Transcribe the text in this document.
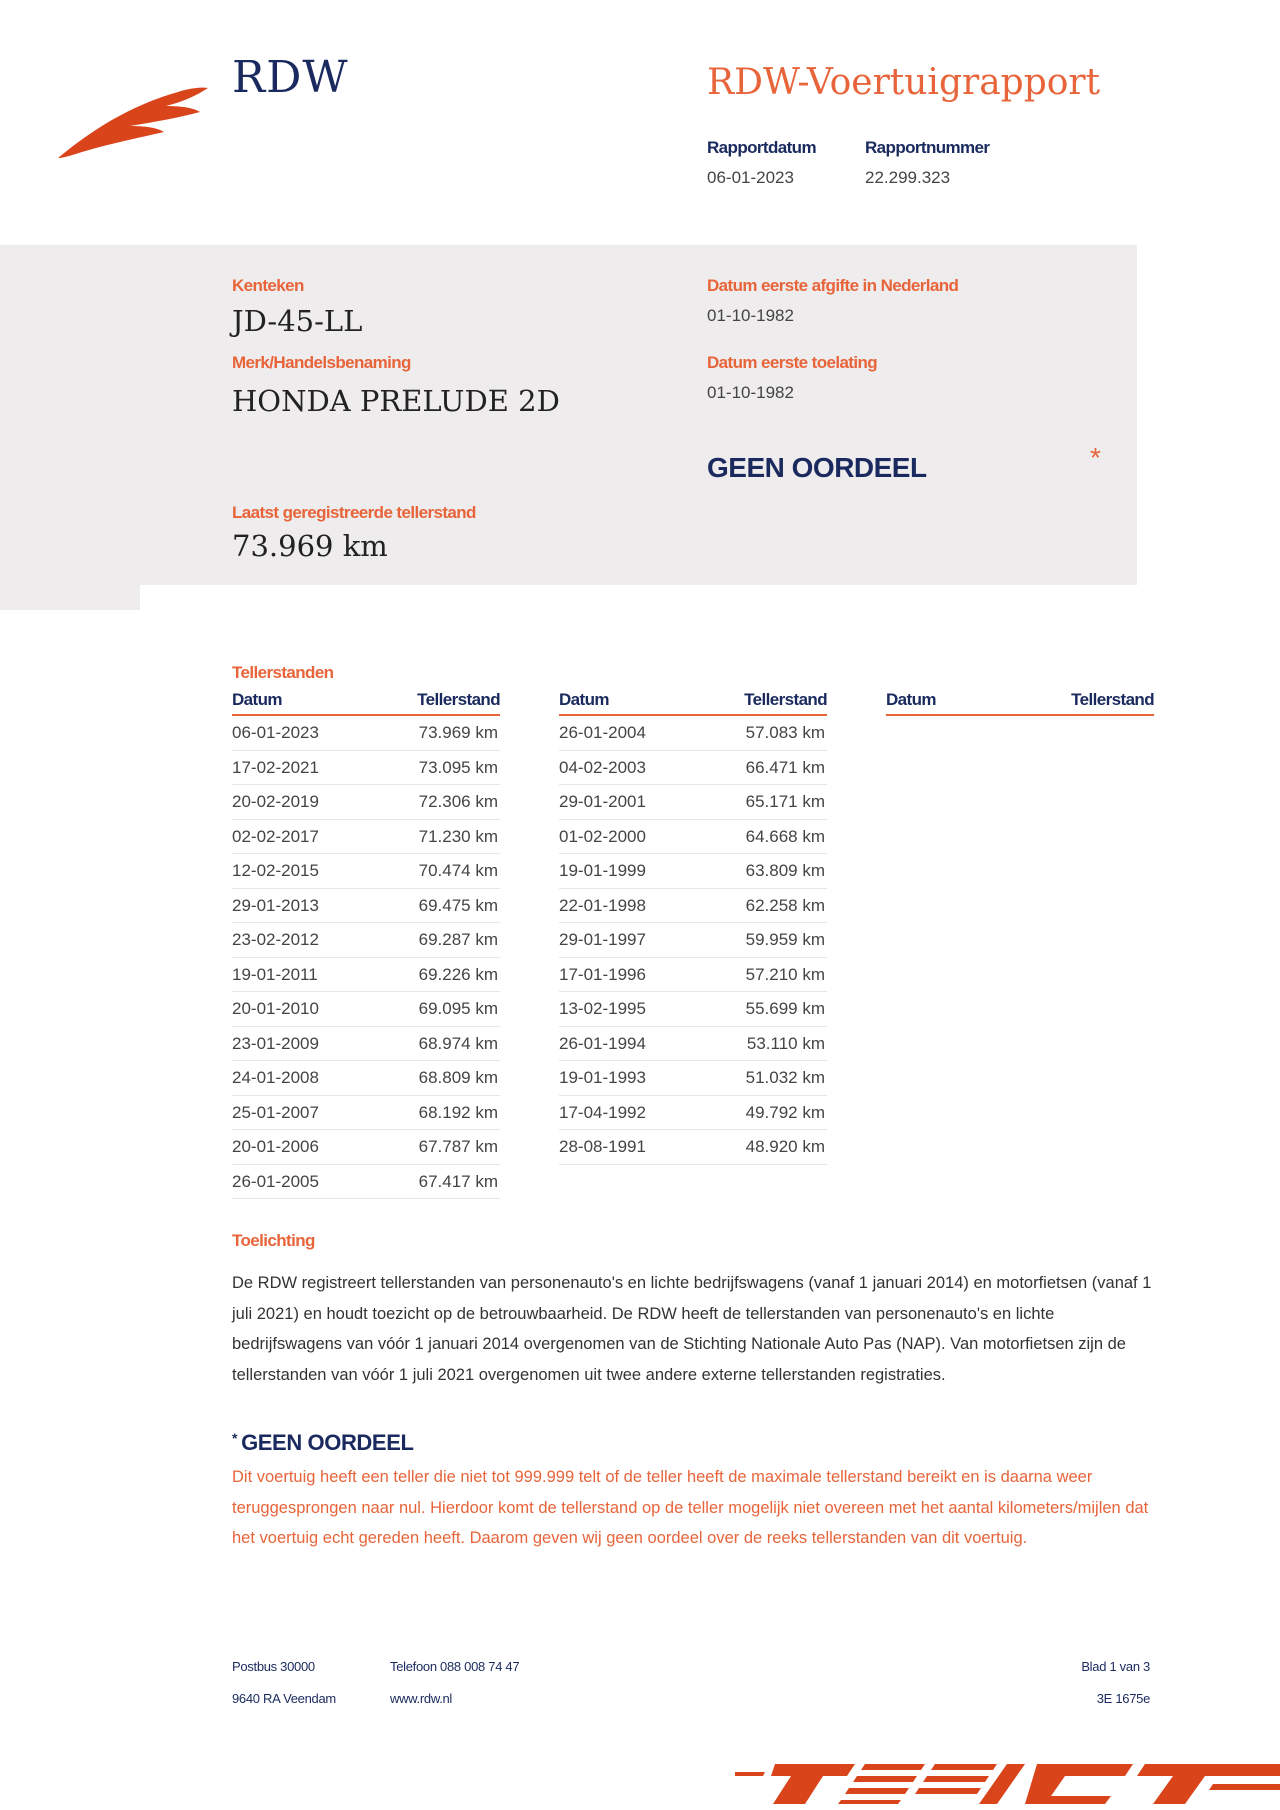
RDW	RDW-Voertuigrapport
Rapportdatum
06-01-2023
Rapportnummer
22.299.323
Kenteken
JD-45-LL
Merk/Handelsbenaming
HONDA PRELUDE 2D
Laatst geregistreerde tellerstand
73.969 km
Datum eerste afgifte in Nederland
01-10-1982
Datum eerste toelating
01-10-1982
GEEN OORDEEL	*
Tellerstanden
Datum	Tellerstand
06-01-2023	73.969 km
17-02-2021	73.095 km
20-02-2019	72.306 km
02-02-2017	71.230 km
12-02-2015	70.474 km
29-01-2013	69.475 km
23-02-2012	69.287 km
19-01-2011	69.226 km
20-01-2010	69.095 km
23-01-2009	68.974 km
24-01-2008	68.809 km
25-01-2007	68.192 km
20-01-2006	67.787 km
26-01-2005	67.417 km
Datum	Tellerstand
26-01-2004	57.083 km
04-02-2003	66.471 km
29-01-2001	65.171 km
01-02-2000	64.668 km
19-01-1999	63.809 km
22-01-1998	62.258 km
29-01-1997	59.959 km
17-01-1996	57.210 km
13-02-1995	55.699 km
26-01-1994	53.110 km
19-01-1993	51.032 km
17-04-1992	49.792 km
28-08-1991	48.920 km
Datum	Tellerstand
Toelichting
De RDW registreert tellerstanden van personenauto's en lichte bedrijfswagens (vanaf 1 januari 2014) en motorfietsen (vanaf 1 juli 2021) en houdt toezicht op de betrouwbaarheid. De RDW heeft de tellerstanden van personenauto's en lichte bedrijfswagens van vóór 1 januari 2014 overgenomen van de Stichting Nationale Auto Pas (NAP). Van motorfietsen zijn de tellerstanden van vóór 1 juli 2021 overgenomen uit twee andere externe tellerstanden registraties.
* GEEN OORDEEL
Dit voertuig heeft een teller die niet tot 999.999 telt of de teller heeft de maximale tellerstand bereikt en is daarna weer teruggesprongen naar nul. Hierdoor komt de tellerstand op de teller mogelijk niet overeen met het aantal kilometers/mijlen dat het voertuig echt gereden heeft. Daarom geven wij geen oordeel over de reeks tellerstanden van dit voertuig.
Postbus 30000
9640 RA Veendam
Telefoon 088 008 74 47
www.rdw.nl
Blad 1 van 3
3E 1675e
